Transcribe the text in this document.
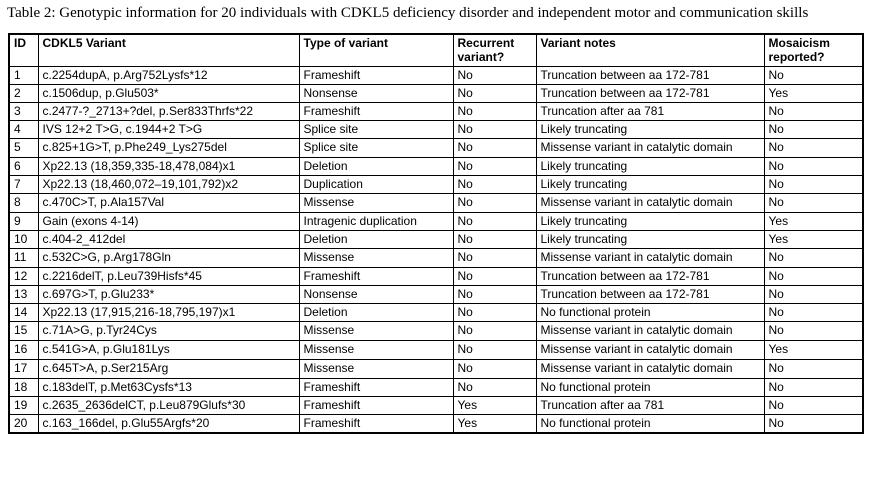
Table 2: Genotypic information for 20 individuals with CDKL5 deficiency disorder and independent motor and communication skills
ID	CDKL5 Variant	Type of variant	Recurrent variant?	Variant notes	Mosaicism reported?
1	c.2254dupA, p.Arg752Lysfs*12	Frameshift	No	Truncation between aa 172-781	No
2	c.1506dup, p.Glu503*	Nonsense	No	Truncation between aa 172-781	Yes
3	c.2477-?_2713+?del, p.Ser833Thrfs*22	Frameshift	No	Truncation after aa 781	No
4	IVS 12+2 T>G, c.1944+2 T>G	Splice site	No	Likely truncating	No
5	c.825+1G>T, p.Phe249_Lys275del	Splice site	No	Missense variant in catalytic domain	No
6	Xp22.13 (18,359,335-18,478,084)x1	Deletion	No	Likely truncating	No
7	Xp22.13 (18,460,072–19,101,792)x2	Duplication	No	Likely truncating	No
8	c.470C>T, p.Ala157Val	Missense	No	Missense variant in catalytic domain	No
9	Gain (exons 4-14)	Intragenic duplication	No	Likely truncating	Yes
10	c.404-2_412del	Deletion	No	Likely truncating	Yes
11	c.532C>G, p.Arg178Gln	Missense	No	Missense variant in catalytic domain	No
12	c.2216delT, p.Leu739Hisfs*45	Frameshift	No	Truncation between aa 172-781	No
13	c.697G>T, p.Glu233*	Nonsense	No	Truncation between aa 172-781	No
14	Xp22.13 (17,915,216-18,795,197)x1	Deletion	No	No functional protein	No
15	c.71A>G, p.Tyr24Cys	Missense	No	Missense variant in catalytic domain	No
16	c.541G>A, p.Glu181Lys	Missense	No	Missense variant in catalytic domain	Yes
17	c.645T>A, p.Ser215Arg	Missense	No	Missense variant in catalytic domain	No
18	c.183delT, p.Met63Cysfs*13	Frameshift	No	No functional protein	No
19	c.2635_2636delCT, p.Leu879Glufs*30	Frameshift	Yes	Truncation after aa 781	No
20	c.163_166del, p.Glu55Argfs*20	Frameshift	Yes	No functional protein	No
